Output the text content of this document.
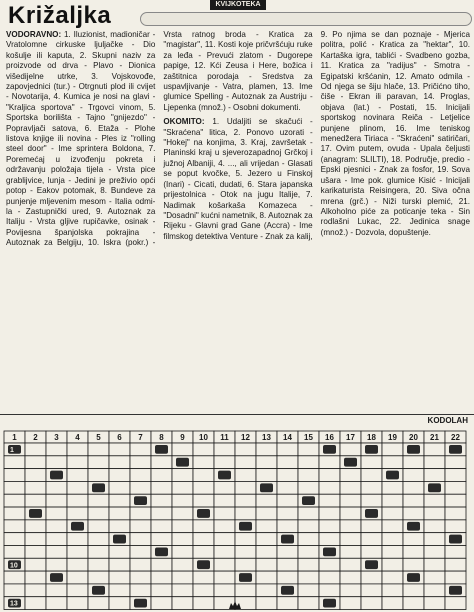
Križaljka	KVIJKOTEKA

VODORAVNO: 1. Iluzionist, madioničar - Vratolomne cirkuske ljuljačke - Dio košulje ili kaputa, 2. Skupni naziv za proizvode od drva - Plavo - Dionica višedijelne utrke, 3. Vojskovođe, zapovjednici (tur.) - Otrgnuti plod ili cvijet - Novotarija, 4. Kumica je nosi na glavi - "Kraljica sportova" - Trgovci vinom, 5. Sportska borilišta - Tajno "gnijezdo" - Popravljači satova, 6. Etaža - Plohe listova knjige ili novina - Ples iz "rolling steel door" - Ime sprintera Boldona, 7. Poremećaj u izvođenju pokreta i održavanju položaja tijela - Vrsta pice grablijvice, lunja - Jedini je preživio opći potop - Eakov potomak, 8. Bundeve za punjenje mljevenim mesom - Italia odmi-la - Zastupnički ured, 9. Autoznak za Italiju - Vrsta gljive rupičavke, osinak - Povijesna španjolska pokrajina - Autoznak za Belgiju, 10. Iskra (pokr.) - Vrsta ratnog broda - Kratica za "magistar", 11. Kosti koje pričvršćuju ruke za leđa - Prevući zlatom - Dugorepe papige, 12. Kći Zeusa i Here, božica i zaštitnica porodaja - Sredstva za uspavljivanje - Vatra, plamen, 13. Ime glumice Spelling - Autoznak za Austriju - Ljepenka (množ.) - Osobni dokumenti.

OKOMITO: 1. Udaljiti se skačući - "Skraćena" litica, 2. Ponovo uzorati - "Hokej" na konjima, 3. Kraj, završetak - Planinski kraj u sjeverozapadnoj Grčkoj i južnoj Albaniji, 4. ..., ali vrijedan - Glasati se poput kvočke, 5. Jezero u Finskoj (Inari) - Cicati, dudati, 6. Stara japanska prijestolnica - Otok na jugu Italije, 7. Nadimak košarkaša Komazeca - "Dosadni" kućni nametnik, 8. Autoznak za Rijeku - Glavni grad Gane (Accra) - Ime filmskog detektiva Venture - Znak za kalij, 9. Po njima se dan poznaje - Mjerica politra, polić - Kratica za "hektar", 10. Kartaška igra, tablići - Svadbeno gozba, 11. Kratica za "radijus" - Smotra - Egipatski kršćanin, 12. Amato odmila - Od njega se šiju hlače, 13. Pričićno tiho, čiše - Ekran ili paravan, 14. Proglas, objava (lat.) - Postati, 15. Inicijali sportskog novinara Reiča - Letjelice punjene plinom, 16. Ime teniskog menedžera Tiriaca - "Skraćeni" satiričari, 17. Ovim putem, ovuda - Upala čeljusti (anagram: SLILTI), 18. Područje, predio - Epski pjesnici - Znak za fosfor, 19. Sova ušara - Ime pok. glumice Kisić - Inicijali karikaturista Reisingera, 20. Siva očna mrena (grč.) - Niži turski plemić, 21. Alkoholno piće za poticanje teka - Sin rodlašni Lukac, 22. Jedinica snage (množ.) - Dozvola, dopuštenje.

KODOLAH
1 2 3 4 5 6 7 8 9 10 11 12 13 14 15 16 17 18 19 20 21 22
1
2
3
4
5
6
7
8
9
10
11
12
13
